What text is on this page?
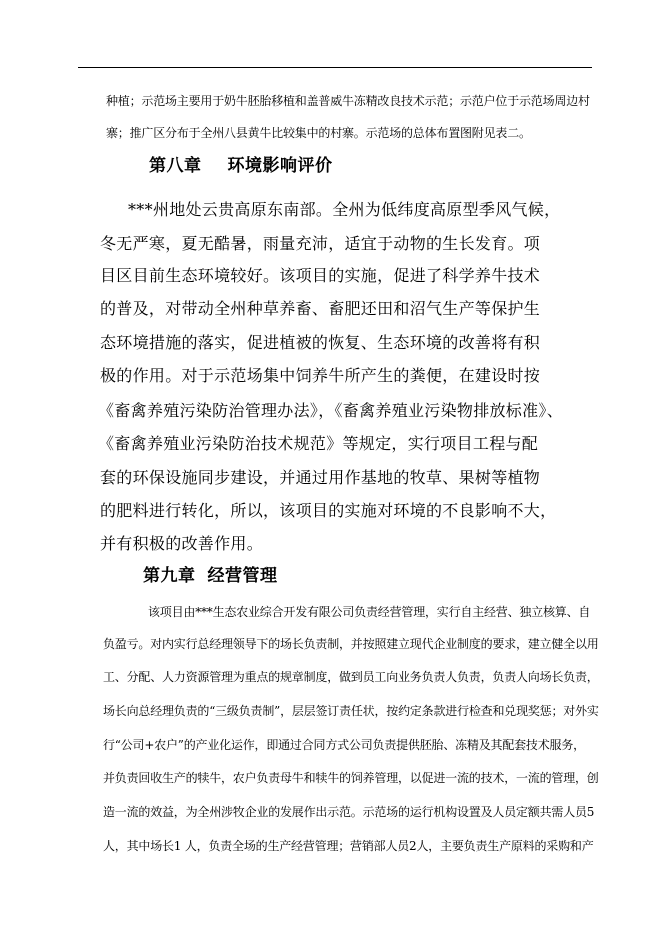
种植；示范场主要用于奶牛胚胎移植和盖普威牛冻精改良技术示范；示范户位于示范场周边村
寨；推广区分布于全州八县黄牛比较集中的村寨。示范场的总体布置图附见表二。
第八章 环境影响评价
***州地处云贵高原东南部。全州为低纬度高原型季风气候，
冬无严寒，夏无酷暑，雨量充沛，适宜于动物的生长发育。项
目区目前生态环境较好。该项目的实施，促进了科学养牛技术
的普及，对带动全州种草养畜、畜肥还田和沼气生产等保护生
态环境措施的落实，促进植被的恢复、生态环境的改善将有积
极的作用。对于示范场集中饲养牛所产生的粪便，在建设时按
《畜禽养殖污染防治管理办法》，《畜禽养殖业污染物排放标准》、
《畜禽养殖业污染防治技术规范》等规定，实行项目工程与配
套的环保设施同步建设，并通过用作基地的牧草、果树等植物
的肥料进行转化，所以，该项目的实施对环境的不良影响不大，
并有积极的改善作用。
第九章 经营管理
该项目由***生态农业综合开发有限公司负责经营管理，实行自主经营、独立核算、自
负盈亏。对内实行总经理领导下的场长负责制，并按照建立现代企业制度的要求，建立健全以用
工、分配、人力资源管理为重点的规章制度，做到员工向业务负责人负责，负责人向场长负责，
场长向总经理负责的“三级负责制”，层层签订责任状，按约定条款进行检查和兑现奖惩；对外实
行“公司+农户”的产业化运作，即通过合同方式公司负责提供胚胎、冻精及其配套技术服务，
并负责回收生产的犊牛，农户负责母牛和犊牛的饲养管理，以促进一流的技术，一流的管理，创
造一流的效益，为全州涉牧企业的发展作出示范。示范场的运行机构设置及人员定额共需人员5
人，其中场长1 人，负责全场的生产经营管理；营销部人员2人，主要负责生产原料的采购和产
